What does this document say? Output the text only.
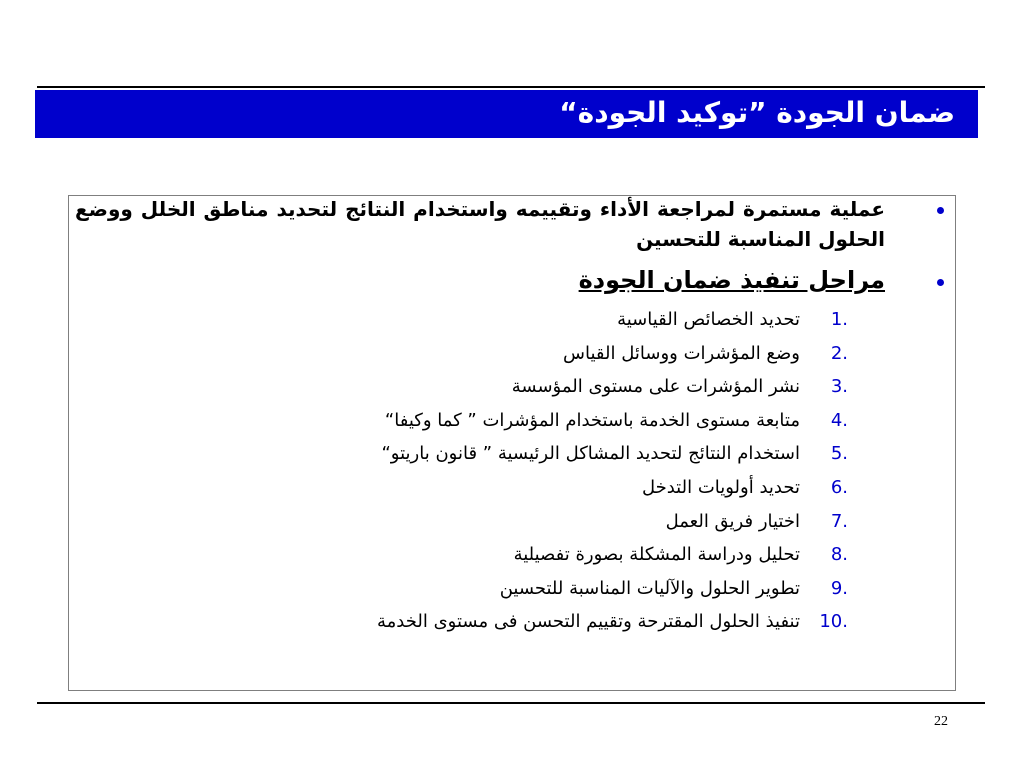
ضمان الجودة ”توكيد الجودة“

عملية مستمرة لمراجعة الأداء وتقييمه واستخدام النتائج لتحديد مناطق الخلل ووضع الحلول المناسبة للتحسين

مراحل تنفيذ ضمان الجودة

1.
تحديد الخصائص القياسية
2.
وضع المؤشرات ووسائل القياس
3.
نشر المؤشرات على مستوى المؤسسة
4.
متابعة مستوى الخدمة باستخدام المؤشرات ” كما وكيفا“
5.
استخدام النتائج لتحديد المشاكل الرئيسية ” قانون باريتو“
6.
تحديد أولويات التدخل
7.
اختيار فريق العمل
8.
تحليل ودراسة المشكلة بصورة تفصيلية
9.
تطوير الحلول والآليات المناسبة للتحسين
10.
تنفيذ الحلول المقترحة وتقييم التحسن فى مستوى الخدمة
22
